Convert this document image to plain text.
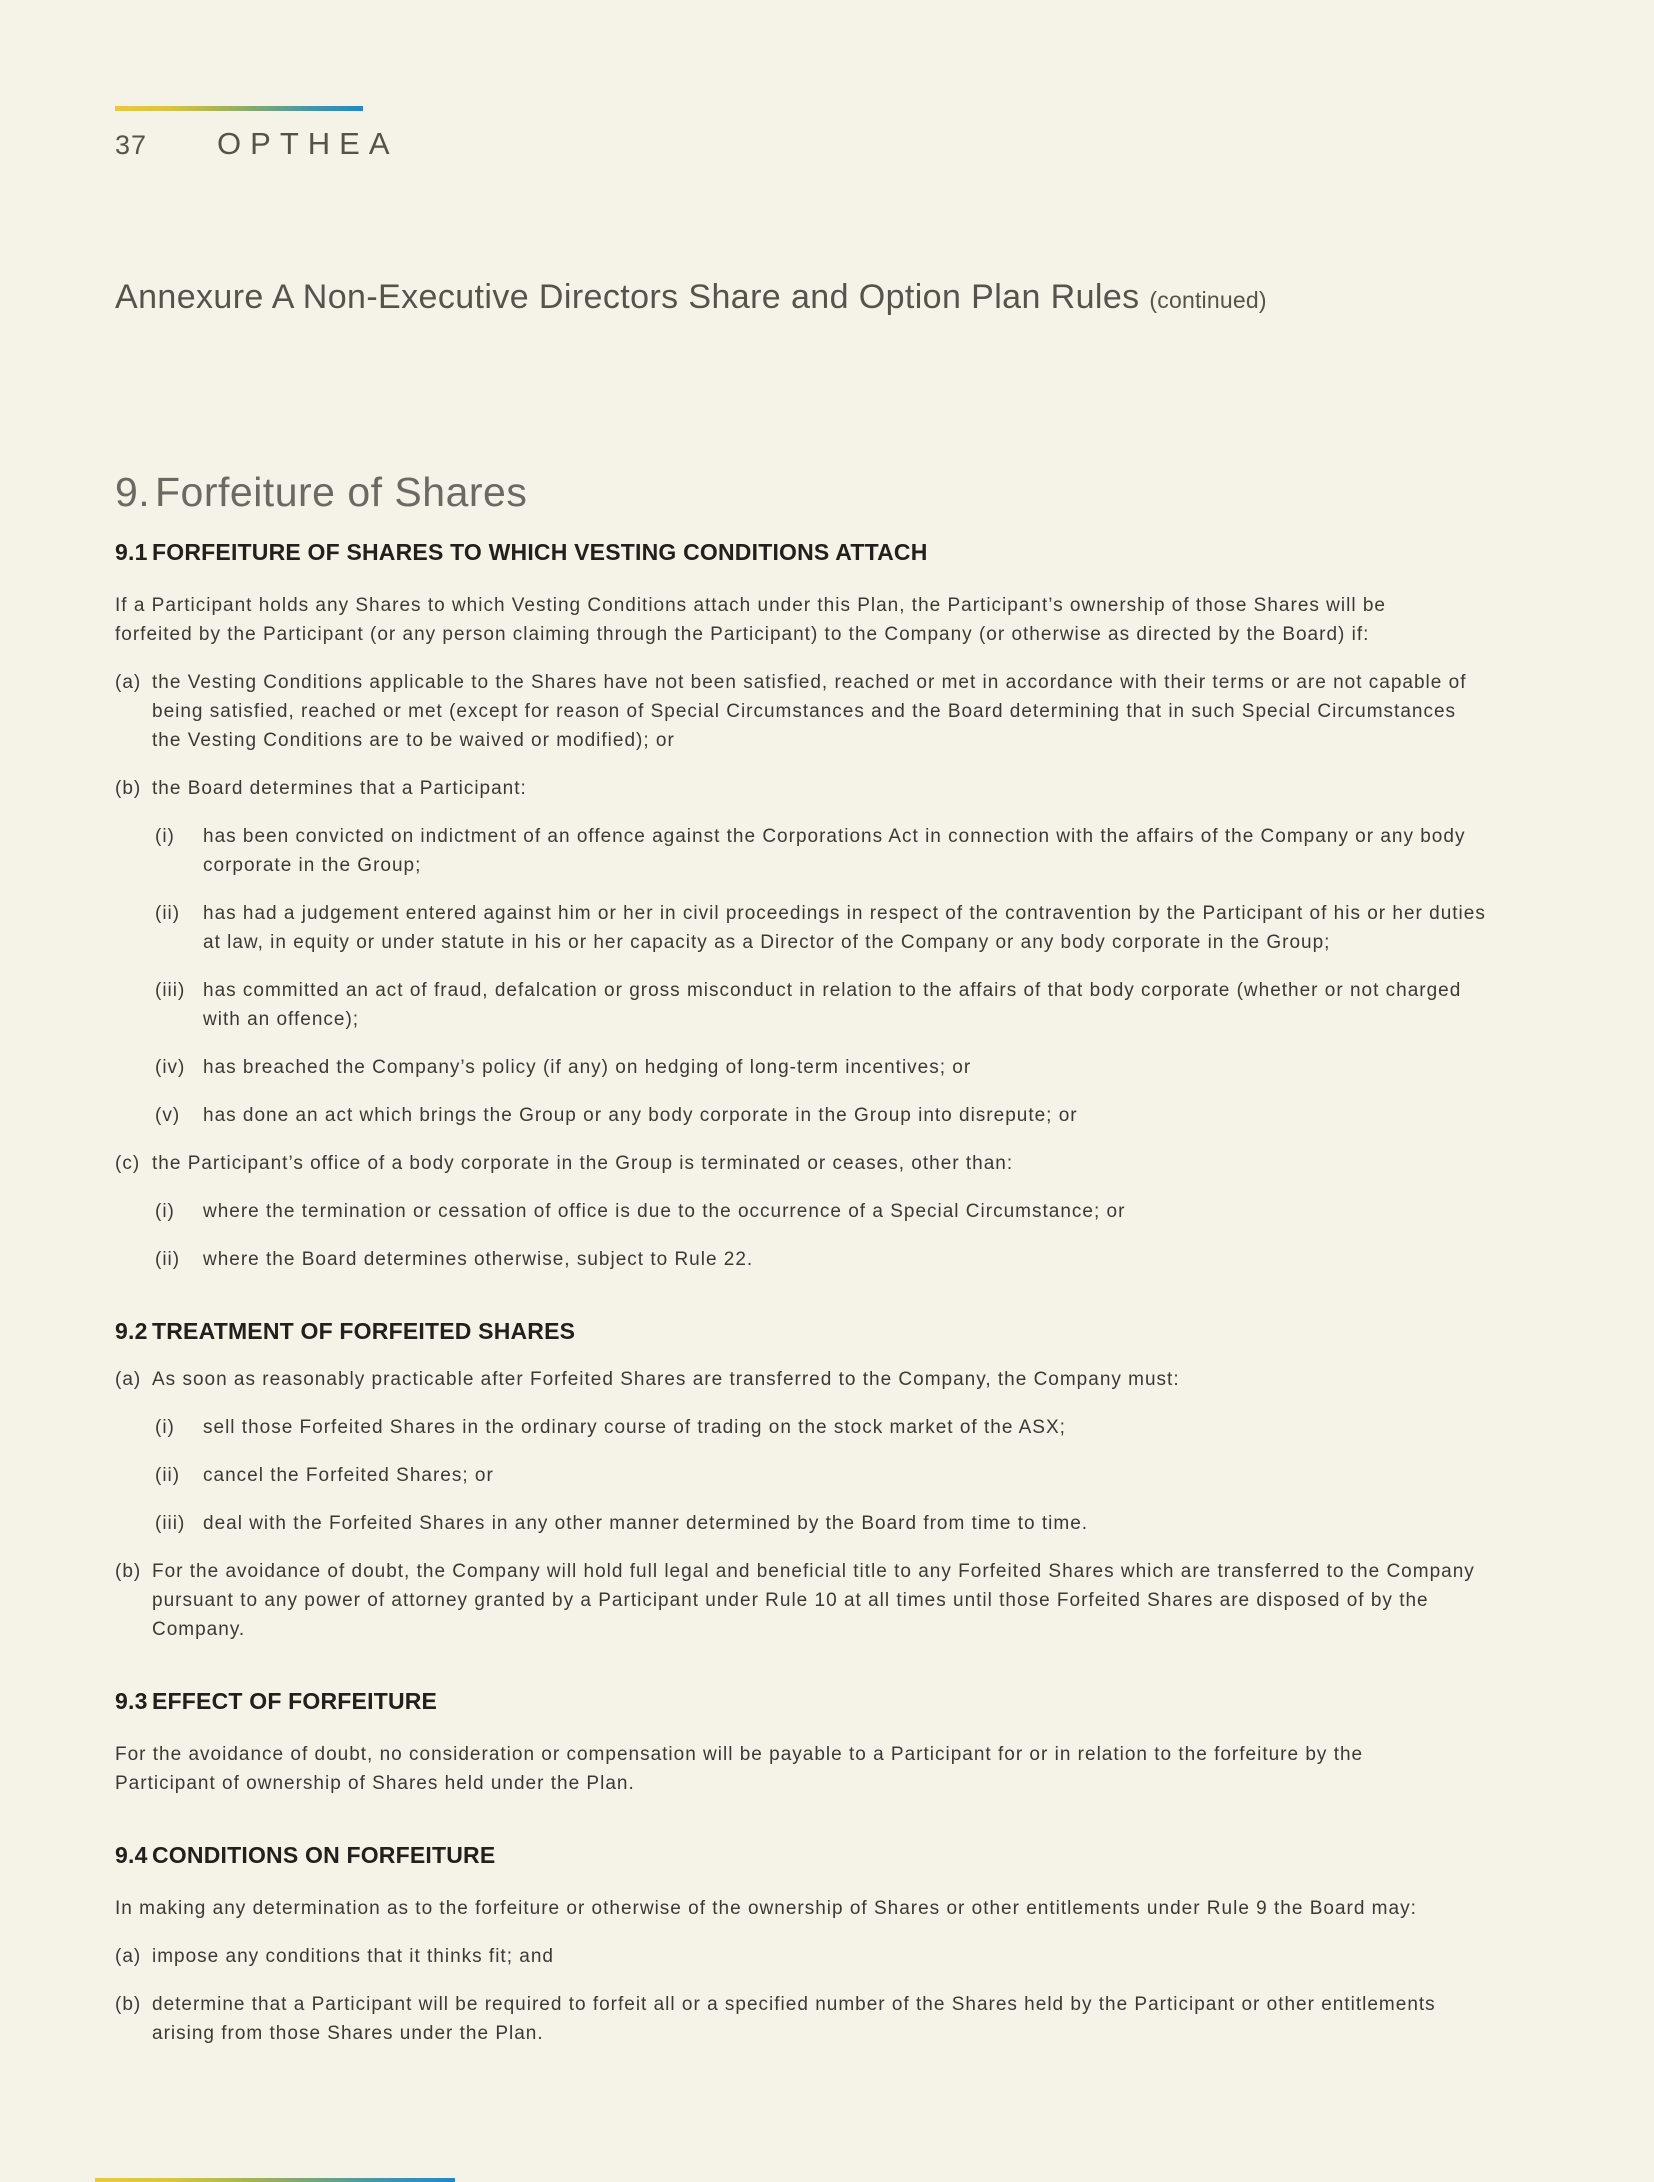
37 OPTHEA
Annexure A Non-Executive Directors Share and Option Plan Rules (continued)
9. Forfeiture of Shares
9.1 FORFEITURE OF SHARES TO WHICH VESTING CONDITIONS ATTACH

If a Participant holds any Shares to which Vesting Conditions attach under this Plan, the Participant’s ownership of those Shares will be forfeited by the Participant (or any person claiming through the Participant) to the Company (or otherwise as directed by the Board) if:

(a) the Vesting Conditions applicable to the Shares have not been satisfied, reached or met in accordance with their terms or are not capable of being satisfied, reached or met (except for reason of Special Circumstances and the Board determining that in such Special Circumstances the Vesting Conditions are to be waived or modified); or

(b) the Board determines that a Participant:

(i)	has been convicted on indictment of an offence against the Corporations Act in connection with the affairs of the Company or any body corporate in the Group;

(ii)	has had a judgement entered against him or her in civil proceedings in respect of the contravention by the Participant of his or her duties at law, in equity or under statute in his or her capacity as a Director of the Company or any body corporate in the Group;

(iii) has committed an act of fraud, defalcation or gross misconduct in relation to the affairs of that body corporate (whether or not charged with an offence);

(iv) has breached the Company’s policy (if any) on hedging of long-term incentives; or

(v)	has done an act which brings the Group or any body corporate in the Group into disrepute; or

(c) the Participant’s office of a body corporate in the Group is terminated or ceases, other than:

(i)	where the termination or cessation of office is due to the occurrence of a Special Circumstance; or

(ii)	where the Board determines otherwise, subject to Rule 22.

9.2 TREATMENT OF FORFEITED SHARES
(a) As soon as reasonably practicable after Forfeited Shares are transferred to the Company, the Company must:

(i)	sell those Forfeited Shares in the ordinary course of trading on the stock market of the ASX;

(ii)	cancel the Forfeited Shares; or

(iii) deal with the Forfeited Shares in any other manner determined by the Board from time to time.

(b) For the avoidance of doubt, the Company will hold full legal and beneficial title to any Forfeited Shares which are transferred to the Company pursuant to any power of attorney granted by a Participant under Rule 10 at all times until those Forfeited Shares are disposed of by the Company.

9.3 EFFECT OF FORFEITURE

For the avoidance of doubt, no consideration or compensation will be payable to a Participant for or in relation to the forfeiture by the Participant of ownership of Shares held under the Plan.

9.4 CONDITIONS ON FORFEITURE

In making any determination as to the forfeiture or otherwise of the ownership of Shares or other entitlements under Rule 9 the Board may:

(a) impose any conditions that it thinks fit; and

(b) determine that a Participant will be required to forfeit all or a specified number of the Shares held by the Participant or other entitlements arising from those Shares under the Plan.
